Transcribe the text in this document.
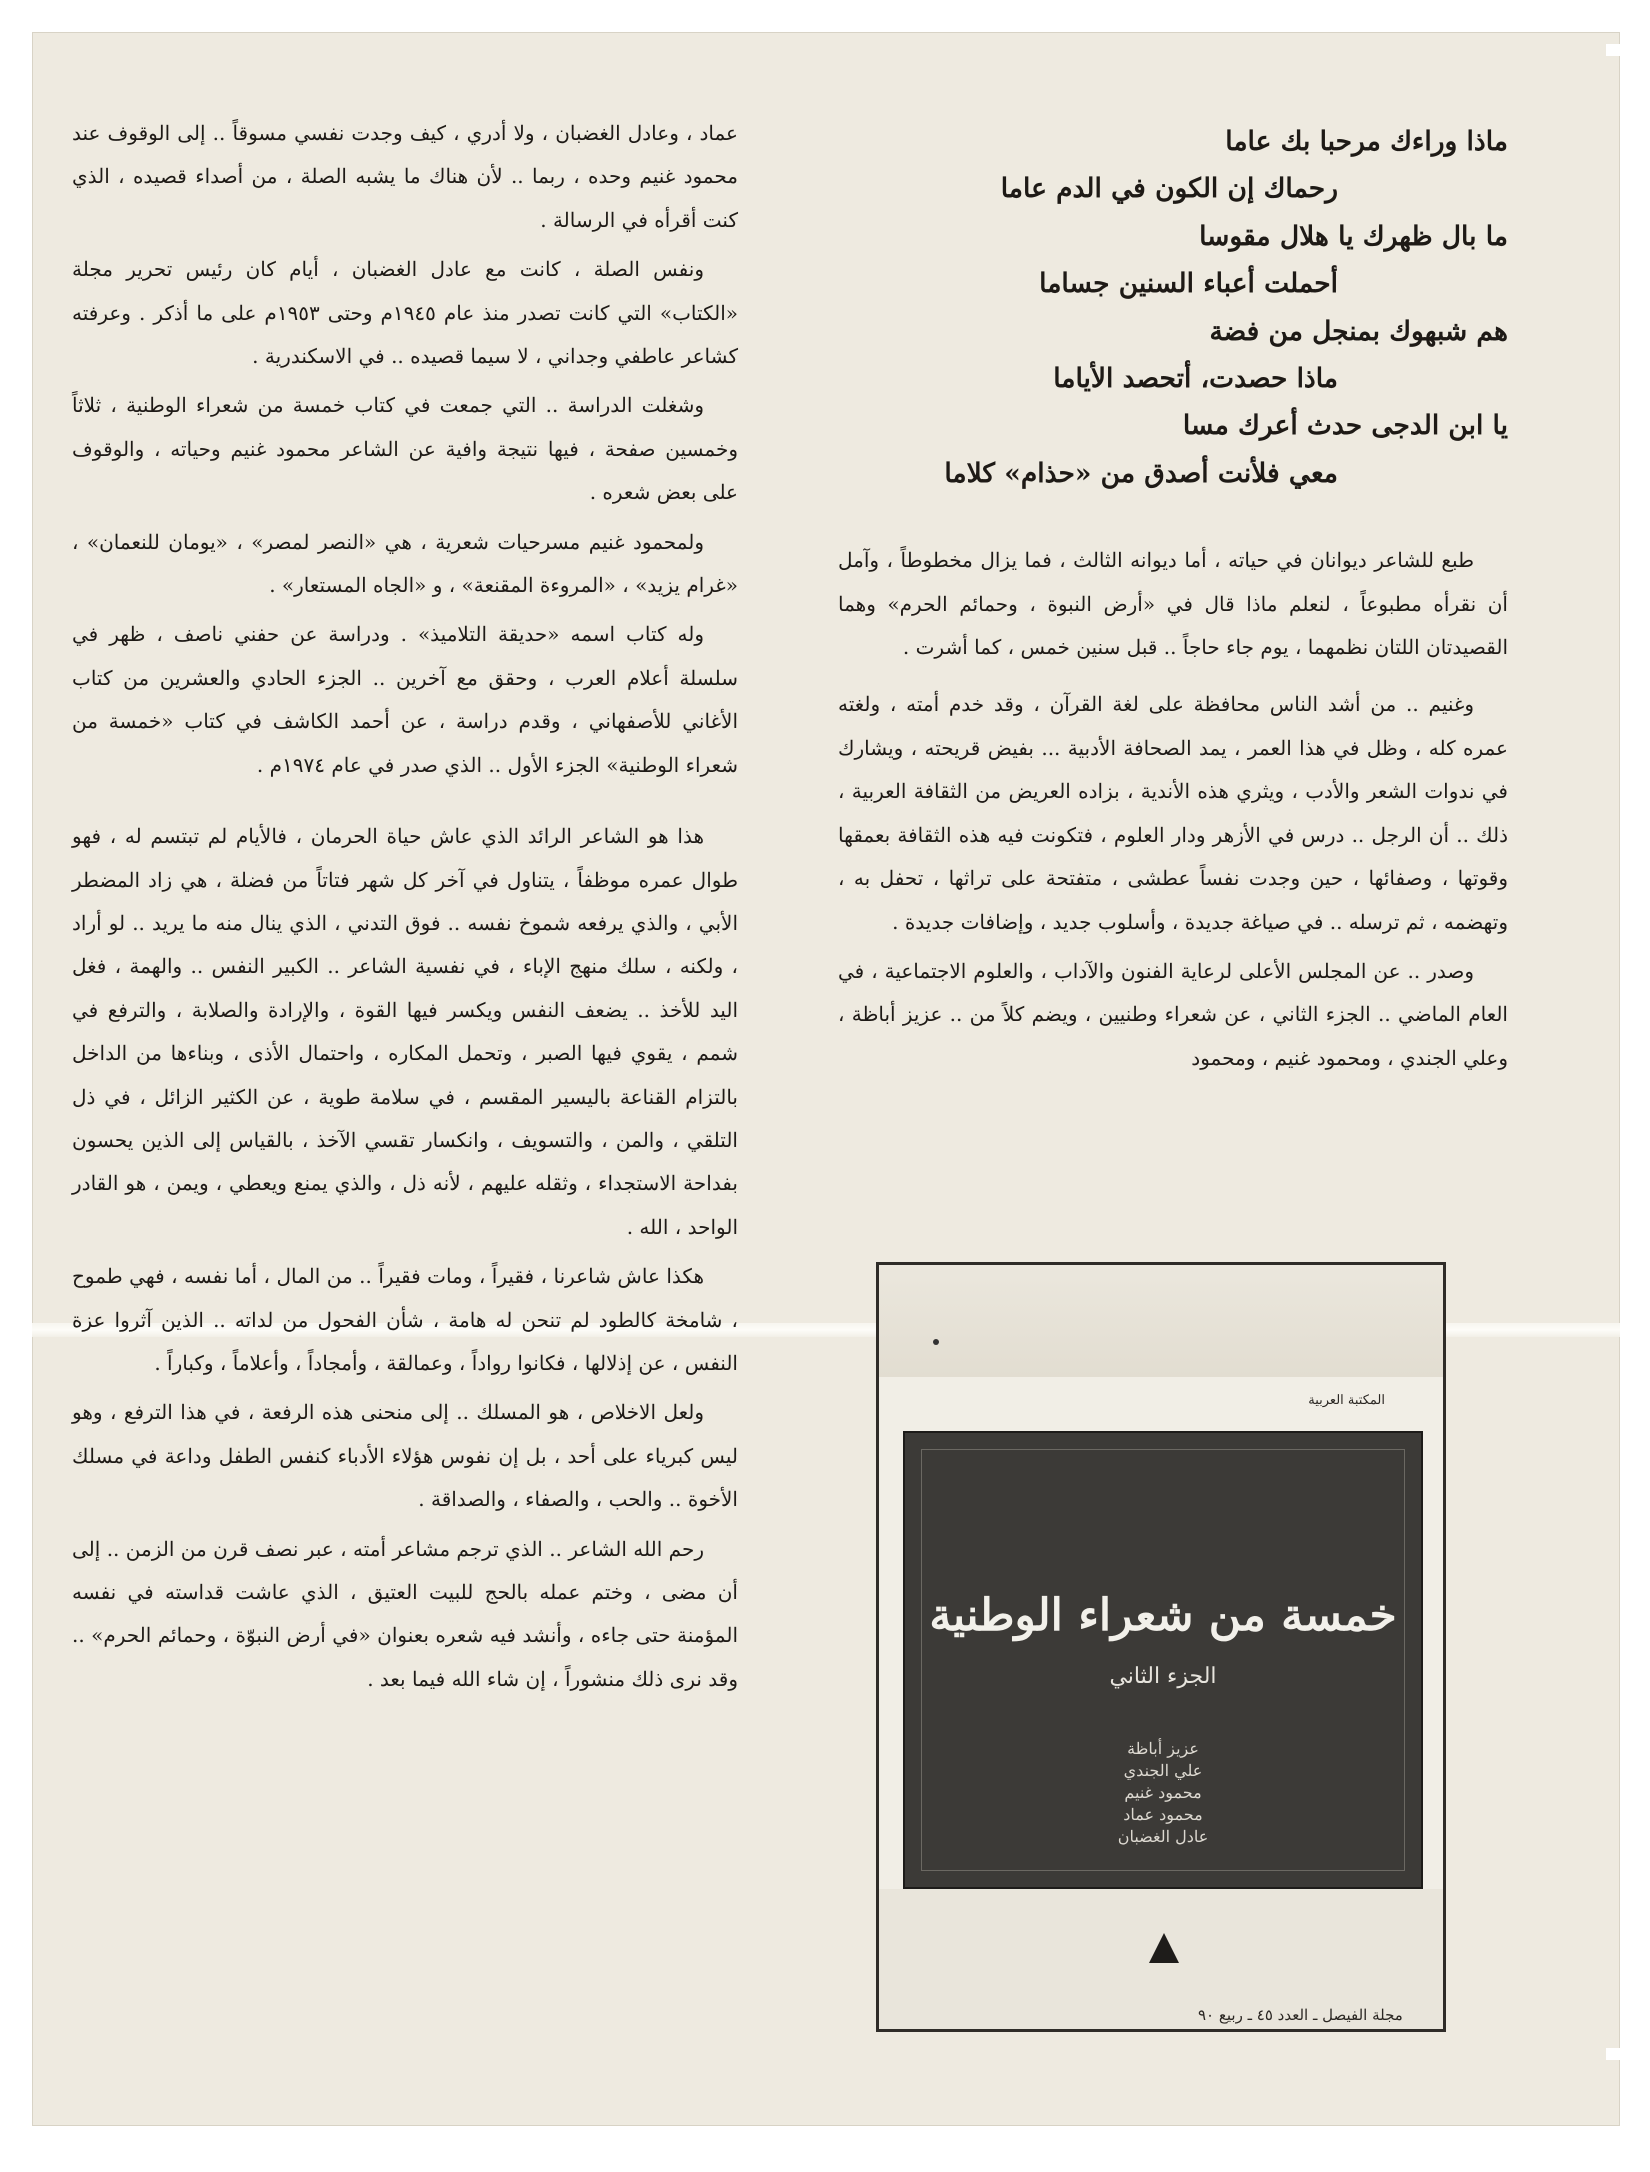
ماذا وراءك مرحبا بك عاما
رحماك إن الكون في الدم عاما
ما بال ظهرك يا هلال مقوسا
أحملت أعباء السنين جساما
هم شبهوك بمنجل من فضة
ماذا حصدت، أتحصد الأياما
يا ابن الدجى حدث أعرك مسا
معي فلأنت أصدق من «حذام» كلاما

طبع للشاعر ديوانان في حياته ، أما ديوانه الثالث ، فما يزال مخطوطاً ، وآمل أن نقرأه مطبوعاً ، لنعلم ماذا قال في «أرض النبوة ، وحمائم الحرم» وهما القصيدتان اللتان نظمهما ، يوم جاء حاجاً .. قبل سنين خمس ، كما أشرت .

وغنيم .. من أشد الناس محافظة على لغة القرآن ، وقد خدم أمته ، ولغته عمره كله ، وظل في هذا العمر ، يمد الصحافة الأدبية ... بفيض قريحته ، ويشارك في ندوات الشعر والأدب ، ويثري هذه الأندية ، بزاده العريض من الثقافة العربية ، ذلك .. أن الرجل .. درس في الأزهر ودار العلوم ، فتكونت فيه هذه الثقافة بعمقها وقوتها ، وصفائها ، حين وجدت نفساً عطشى ، متفتحة على تراثها ، تحفل به ، وتهضمه ، ثم ترسله .. في صياغة جديدة ، وأسلوب جديد ، وإضافات جديدة .

وصدر .. عن المجلس الأعلى لرعاية الفنون والآداب ، والعلوم الاجتماعية ، في العام الماضي .. الجزء الثاني ، عن شعراء وطنيين ، ويضم كلاً من .. عزيز أباظة ، وعلي الجندي ، ومحمود غنيم ، ومحمود

المكتبة العربية
خمسة من شعراء الوطنية
الجزء الثاني
عزيز أباظة
علي الجندي
محمود غنيم
محمود عماد
عادل الغضبان

عماد ، وعادل الغضبان ، ولا أدري ، كيف وجدت نفسي مسوقاً .. إلى الوقوف عند محمود غنيم وحده ، ربما .. لأن هناك ما يشبه الصلة ، من أصداء قصيده ، الذي كنت أقرأه في الرسالة .

ونفس الصلة ، كانت مع عادل الغضبان ، أيام كان رئيس تحرير مجلة «الكتاب» التي كانت تصدر منذ عام ١٩٤٥م وحتى ١٩٥٣م على ما أذكر . وعرفته كشاعر عاطفي وجداني ، لا سيما قصيده .. في الاسكندرية .

وشغلت الدراسة .. التي جمعت في كتاب خمسة من شعراء الوطنية ، ثلاثاً وخمسين صفحة ، فيها نتيجة وافية عن الشاعر محمود غنيم وحياته ، والوقوف على بعض شعره .

ولمحمود غنيم مسرحيات شعرية ، هي «النصر لمصر» ، «يومان للنعمان» ، «غرام يزيد» ، «المروءة المقنعة» ، و «الجاه المستعار» .

وله كتاب اسمه «حديقة التلاميذ» . ودراسة عن حفني ناصف ، ظهر في سلسلة أعلام العرب ، وحقق مع آخرين .. الجزء الحادي والعشرين من كتاب الأغاني للأصفهاني ، وقدم دراسة ، عن أحمد الكاشف في كتاب «خمسة من شعراء الوطنية» الجزء الأول .. الذي صدر في عام ١٩٧٤م .

هذا هو الشاعر الرائد الذي عاش حياة الحرمان ، فالأيام لم تبتسم له ، فهو طوال عمره موظفاً ، يتناول في آخر كل شهر فتاتاً من فضلة ، هي زاد المضطر الأبي ، والذي يرفعه شموخ نفسه .. فوق التدني ، الذي ينال منه ما يريد .. لو أراد ، ولكنه ، سلك منهج الإباء ، في نفسية الشاعر .. الكبير النفس .. والهمة ، فغل اليد للأخذ .. يضعف النفس ويكسر فيها القوة ، والإرادة والصلابة ، والترفع في شمم ، يقوي فيها الصبر ، وتحمل المكاره ، واحتمال الأذى ، وبناءها من الداخل بالتزام القناعة باليسير المقسم ، في سلامة طوية ، عن الكثير الزائل ، في ذل التلقي ، والمن ، والتسويف ، وانكسار تقسي الآخذ ، بالقياس إلى الذين يحسون بفداحة الاستجداء ، وثقله عليهم ، لأنه ذل ، والذي يمنع ويعطي ، ويمن ، هو القادر الواحد ، الله .

هكذا عاش شاعرنا ، فقيراً ، ومات فقيراً .. من المال ، أما نفسه ، فهي طموح ، شامخة كالطود لم تنحن له هامة ، شأن الفحول من لداته .. الذين آثروا عزة النفس ، عن إذلالها ، فكانوا رواداً ، وعمالقة ، وأمجاداً ، وأعلاماً ، وكباراً .

ولعل الاخلاص ، هو المسلك .. إلى منحنى هذه الرفعة ، في هذا الترفع ، وهو ليس كبرياء على أحد ، بل إن نفوس هؤلاء الأدباء كنفس الطفل وداعة في مسلك الأخوة .. والحب ، والصفاء ، والصداقة .

رحم الله الشاعر .. الذي ترجم مشاعر أمته ، عبر نصف قرن من الزمن .. إلى أن مضى ، وختم عمله بالحج للبيت العتيق ، الذي عاشت قداسته في نفسه المؤمنة حتى جاءه ، وأنشد فيه شعره بعنوان «في أرض النبوّة ، وحمائم الحرم» .. وقد نرى ذلك منشوراً ، إن شاء الله فيما بعد .

مجلة الفيصل ـ العدد ٤٥ ـ ربيع ٩٠
